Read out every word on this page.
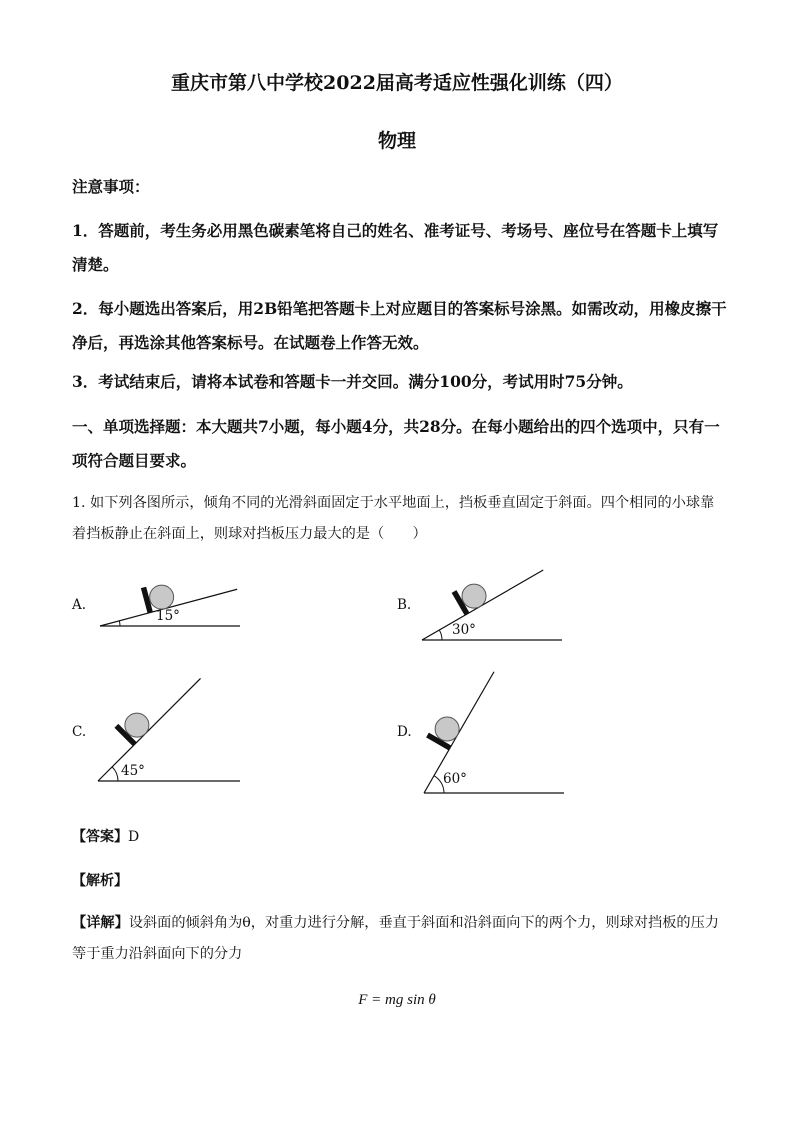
重庆市第八中学校2022届高考适应性强化训练（四）
物理
注意事项：
1．答题前，考生务必用黑色碳素笔将自己的姓名、准考证号、考场号、座位号在答题卡上填写清楚。
2．每小题选出答案后，用2B铅笔把答题卡上对应题目的答案标号涂黑。如需改动，用橡皮擦干净后，再选涂其他答案标号。在试题卷上作答无效。
3．考试结束后，请将本试卷和答题卡一并交回。满分100分，考试用时75分钟。
一、单项选择题：本大题共7小题，每小题4分，共28分。在每小题给出的四个选项中，只有一项符合题目要求。
1. 如下列各图所示，倾角不同的光滑斜面固定于水平地面上，挡板垂直固定于斜面。四个相同的小球靠着挡板静止在斜面上，则球对挡板压力最大的是（　　）
A.	B.
C.	D.
15°
30°
45°	60°
【答案】D
【解析】
【详解】设斜面的倾斜角为θ，对重力进行分解，垂直于斜面和沿斜面向下的两个力，则球对挡板的压力等于重力沿斜面向下的分力
F = mg sin θ
